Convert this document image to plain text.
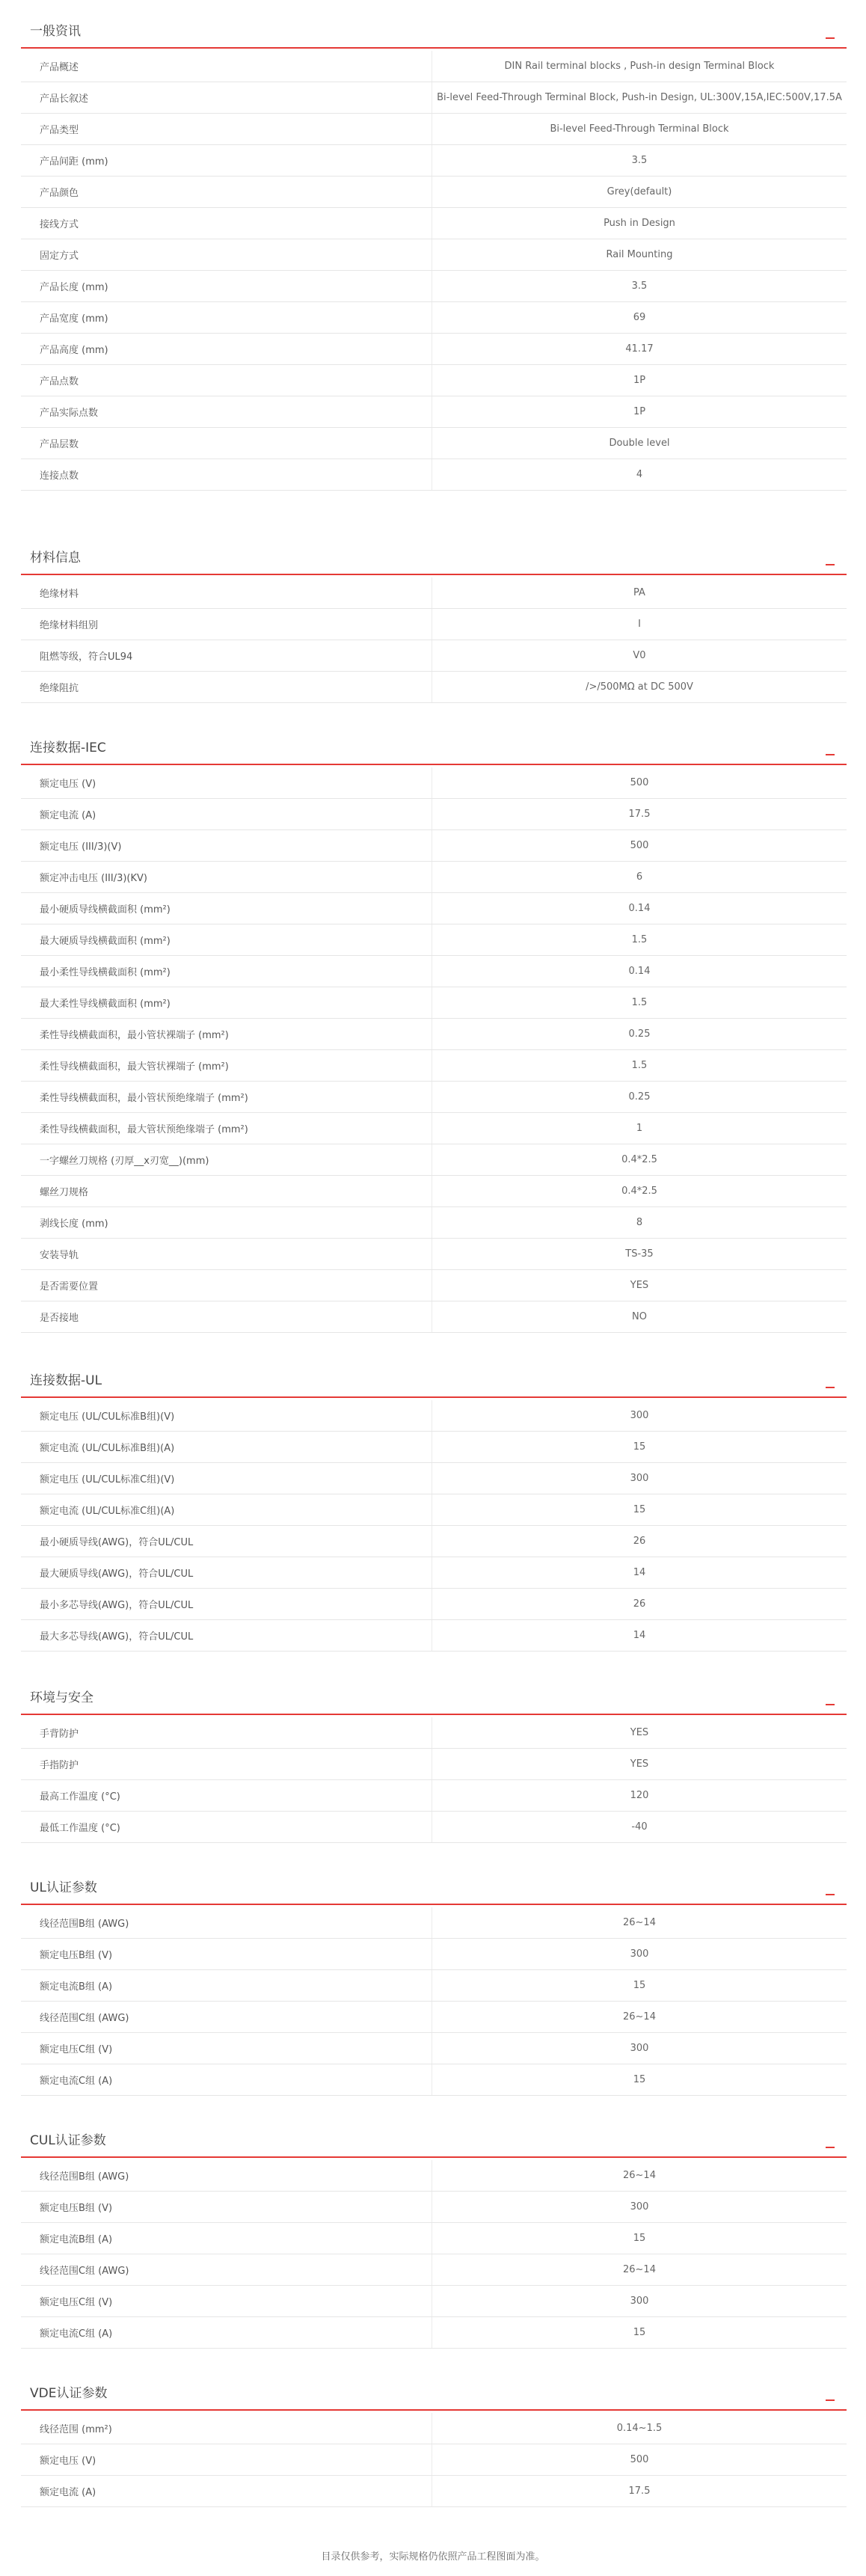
目录仅供参考，实际规格仍依照产品工程图面为准。
一般资讯
产品概述	DIN Rail terminal blocks , Push-in design Terminal Block
产品长叙述	Bi-level Feed-Through Terminal Block, Push-in Design, UL:300V,15A,IEC:500V,17.5A
产品类型	Bi-level Feed-Through Terminal Block
产品间距 (mm)	3.5
产品颜色	Grey(default)
接线方式	Push in Design
固定方式	Rail Mounting
产品长度 (mm)	3.5
产品宽度 (mm)	69
产品高度 (mm)	41.17
产品点数	1P
产品实际点数	1P
产品层数	Double level
连接点数	4
材料信息
绝缘材料	PA
绝缘材料组别	I
阻燃等级，符合UL94	V0
绝缘阻抗	/>/500MΩ at DC 500V
连接数据-IEC
额定电压 (V)	500
额定电流 (A)	17.5
额定电压 (III/3)(V)	500
额定冲击电压 (III/3)(KV)	6
最小硬质导线横截面积 (mm²)	0.14
最大硬质导线横截面积 (mm²)	1.5
最小柔性导线横截面积 (mm²)	0.14
最大柔性导线横截面积 (mm²)	1.5
柔性导线横截面积，最小管状裸端子 (mm²)	0.25
柔性导线横截面积，最大管状裸端子 (mm²)	1.5
柔性导线横截面积，最小管状预绝缘端子 (mm²)	0.25
柔性导线横截面积，最大管状预绝缘端子 (mm²)	1
一字螺丝刀规格 (刃厚__x刃宽__)(mm)	0.4*2.5
螺丝刀规格	0.4*2.5
剥线长度 (mm)	8
安装导轨	TS-35
是否需要位置	YES
是否接地	NO
连接数据-UL
额定电压 (UL/CUL标准B组)(V)	300
额定电流 (UL/CUL标准B组)(A)	15
额定电压 (UL/CUL标准C组)(V)	300
额定电流 (UL/CUL标准C组)(A)	15
最小硬质导线(AWG)，符合UL/CUL	26
最大硬质导线(AWG)，符合UL/CUL	14
最小多芯导线(AWG)，符合UL/CUL	26
最大多芯导线(AWG)，符合UL/CUL	14
环境与安全
手背防护	YES
手指防护	YES
最高工作温度 (°C)	120
最低工作温度 (°C)	-40
UL认证参数
线径范围B组 (AWG)	26~14
额定电压B组 (V)	300
额定电流B组 (A)	15
线径范围C组 (AWG)	26~14
额定电压C组 (V)	300
额定电流C组 (A)	15
CUL认证参数
线径范围B组 (AWG)	26~14
额定电压B组 (V)	300
额定电流B组 (A)	15
线径范围C组 (AWG)	26~14
额定电压C组 (V)	300
额定电流C组 (A)	15
VDE认证参数
线径范围 (mm²)	0.14~1.5
额定电压 (V)	500
额定电流 (A)	17.5
